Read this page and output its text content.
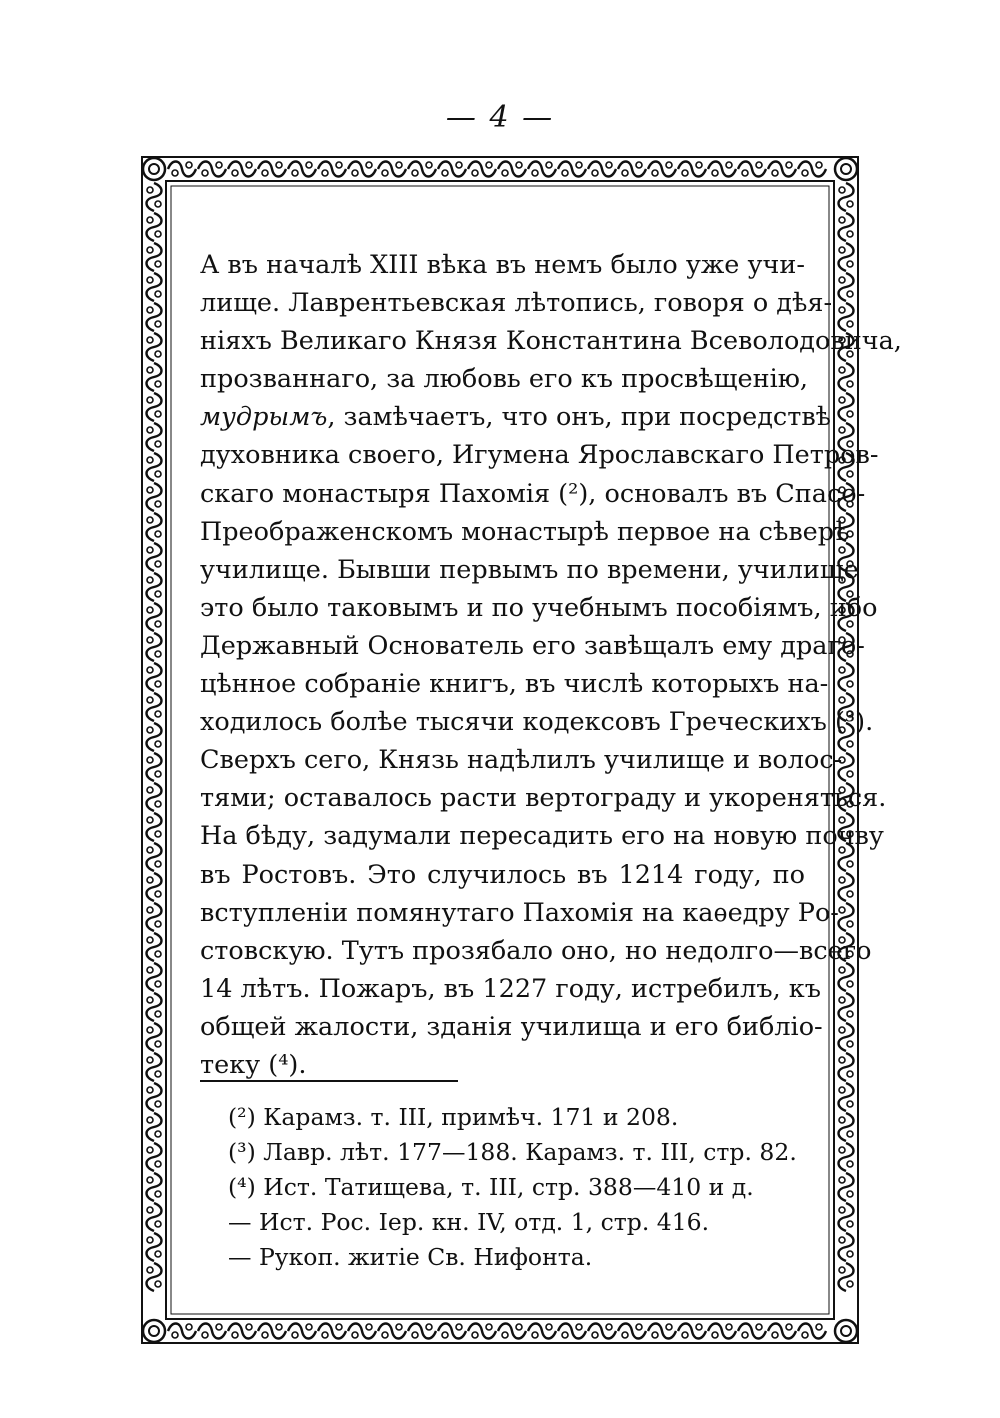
— 4 —
А въ началѣ XIII вѣка въ немъ было уже учи-
лище. Лаврентьевская лѣтопись, говоря о дѣя-
ніяхъ Великаго Князя Константина Всеволодовича,
прозваннаго, за любовь его къ просвѣщенію,
мудрымъ, замѣчаетъ, что онъ, при посредствѣ
духовника своего, Игумена Ярославскаго Петров-
скаго монастыря Пахомія (²), основалъ въ Спасо-
Преображенскомъ монастырѣ первое на сѣверѣ
училище. Бывши первымъ по времени, училище
это было таковымъ и по учебнымъ пособіямъ, ибо
Державный Основатель его завѣщалъ ему драго-
цѣнное собраніе книгъ, въ числѣ которыхъ на-
ходилось болѣе тысячи кодексовъ Греческихъ (³).
Сверхъ сего, Князь надѣлилъ училище и волос-
тями; оставалось расти вертограду и укореняться.
На бѣду, задумали пересадить его на новую почву
въ Ростовъ. Это случилось въ 1214 году, по
вступленіи помянутаго Пахомія на каѳедру Ро-
стовскую. Тутъ прозябало оно, но недолго—всего
14 лѣтъ. Пожаръ, въ 1227 году, истребилъ, къ
общей жалости, зданія училища и его библіо-
теку (⁴).
(²) Карамз. т. III, примѣч. 171 и 208.
(³) Лавр. лѣт. 177—188. Карамз. т. III, стр. 82.
(⁴) Ист. Татищева, т. III, стр. 388—410 и д.
— Ист. Рос. Іер. кн. IV, отд. 1, стр. 416.
— Рукоп. житіе Св. Нифонта.
